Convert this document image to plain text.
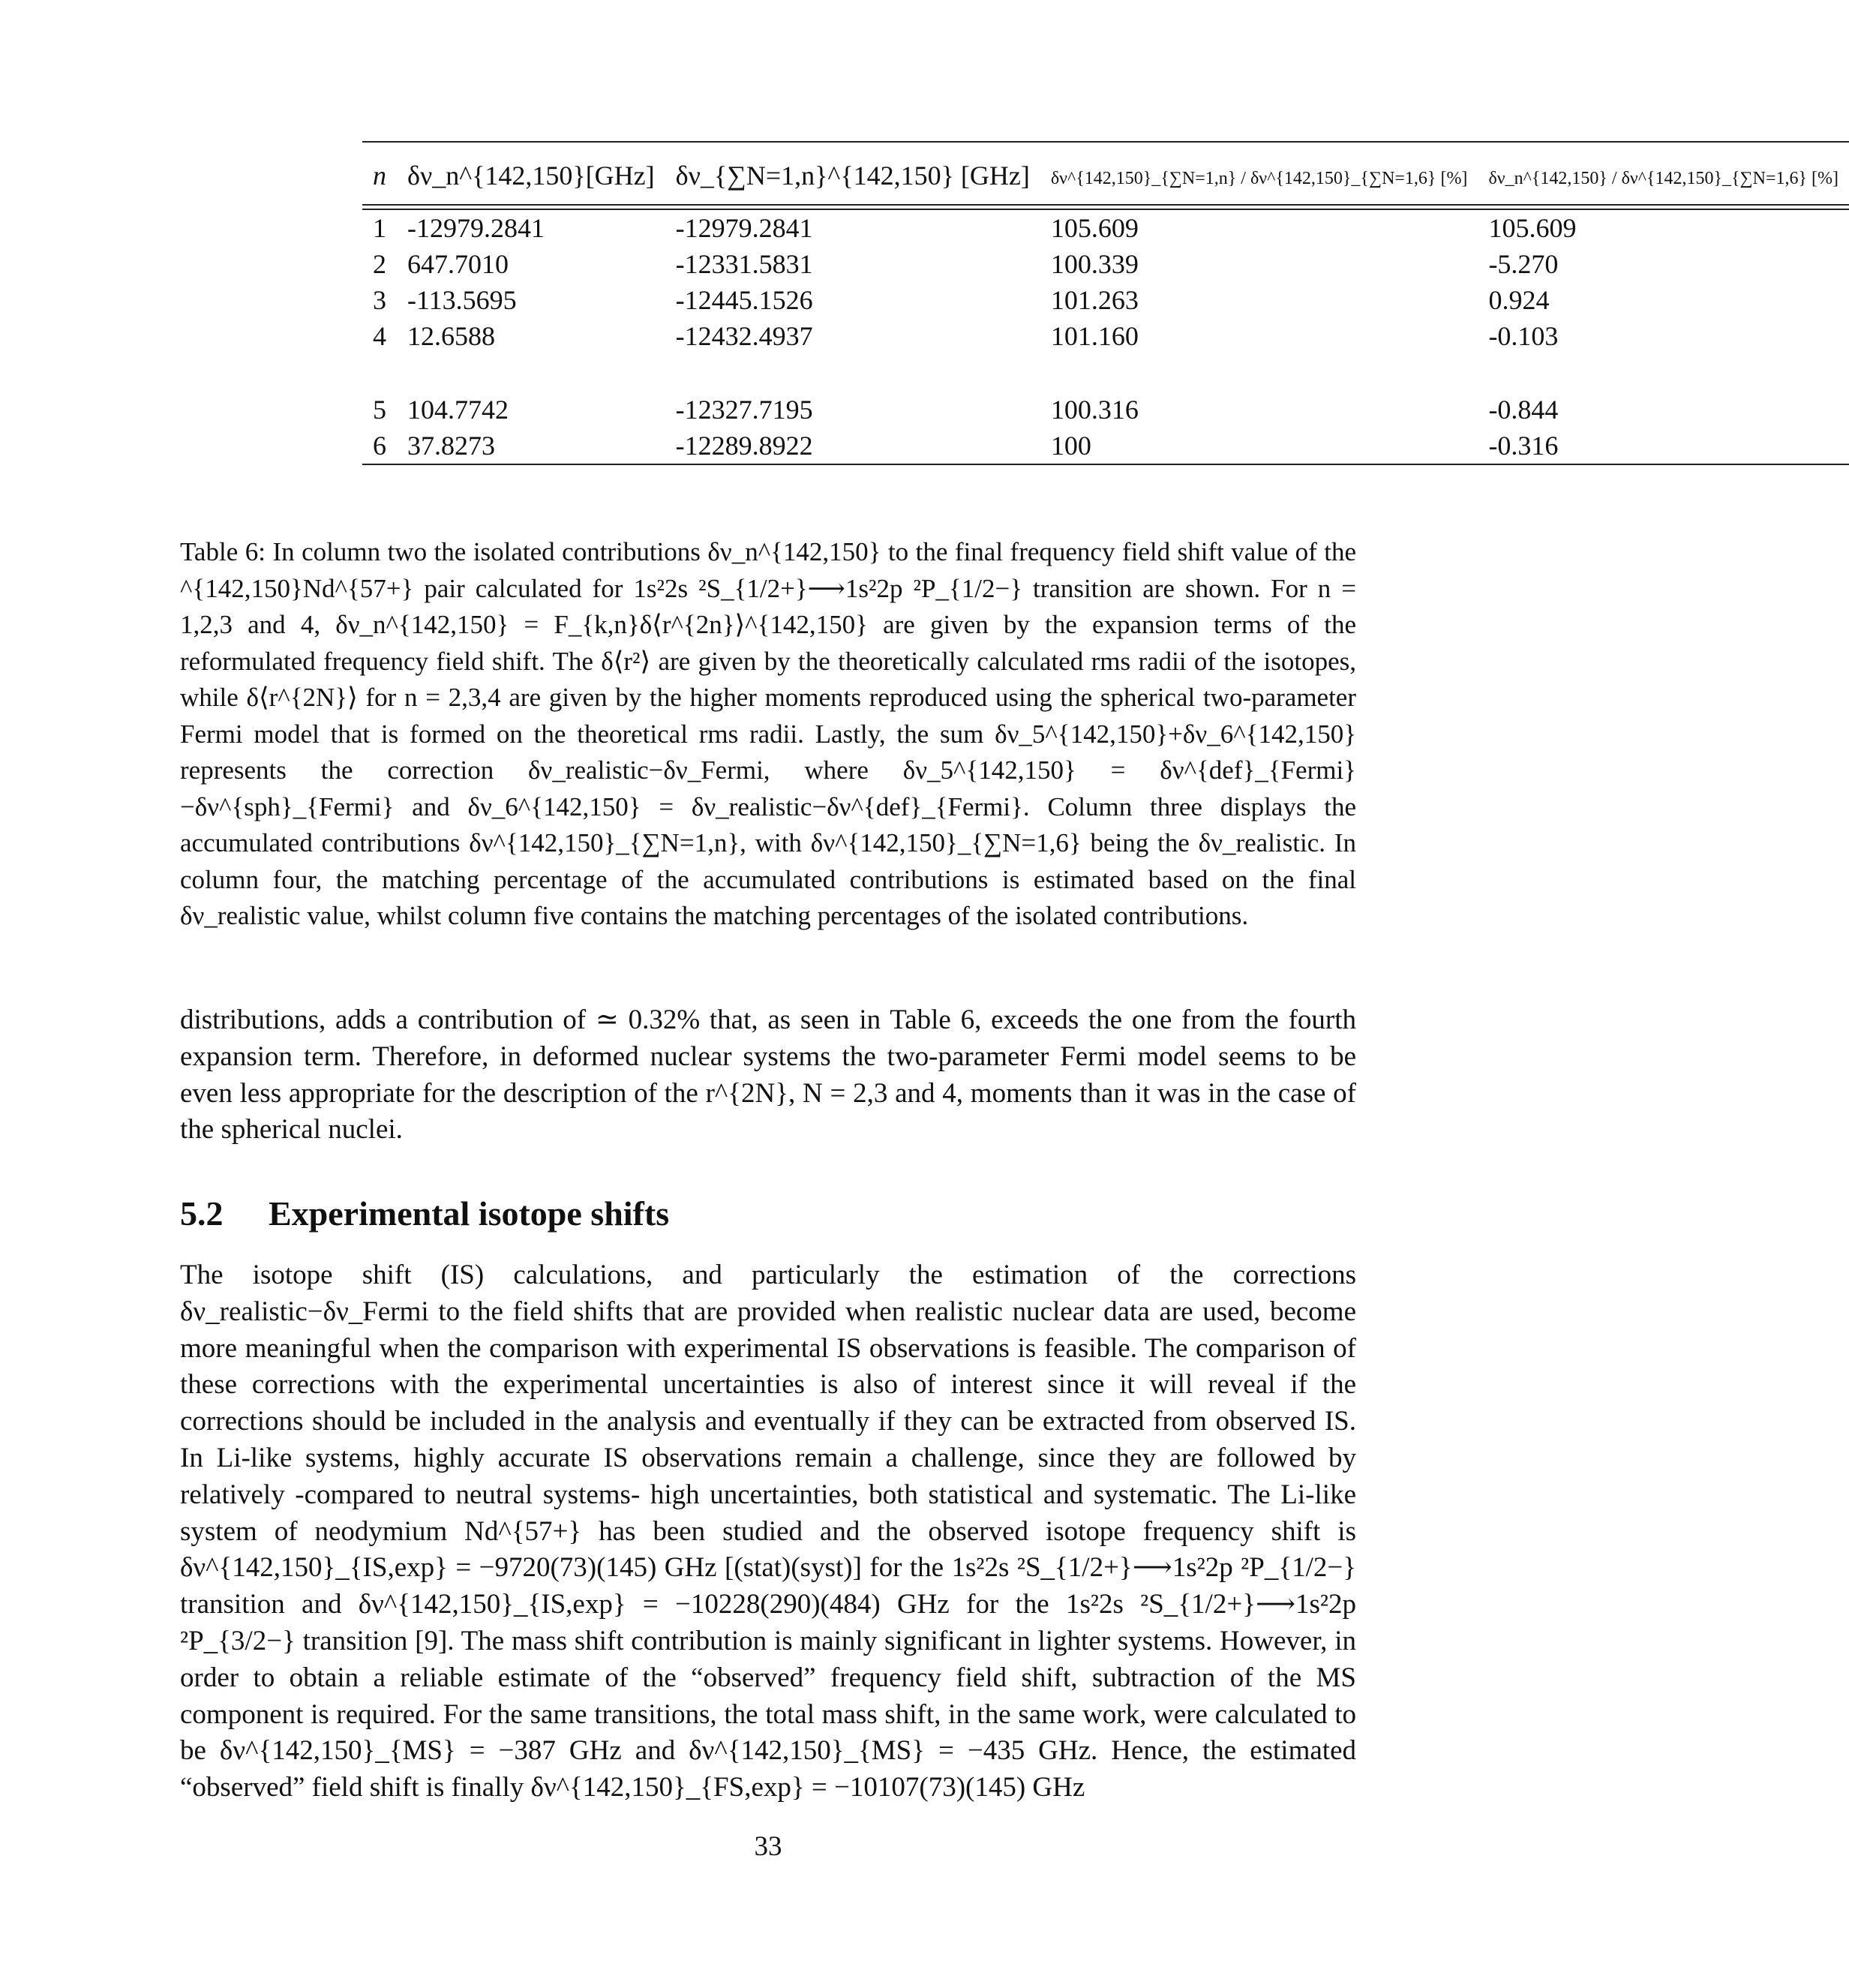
n	δν_n^{142,150}[GHz]	δν_{∑N=1,n}^{142,150} [GHz]	δν^{142,150}_{∑N=1,n} / δν^{142,150}_{∑N=1,6} [%]	δν_n^{142,150} / δν^{142,150}_{∑N=1,6} [%]

1	-12979.2841	-12979.2841	105.609	105.609
2	647.7010	-12331.5831	100.339	-5.270
3	-113.5695	-12445.1526	101.263	0.924
4	12.6588	-12432.4937	101.160	-0.103

5	104.7742	-12327.7195	100.316	-0.844
6	37.8273	-12289.8922	100	-0.316
Table 6: In column two the isolated contributions δν_n^{142,150} to the final frequency field shift value of the ^{142,150}Nd^{57+} pair calculated for 1s²2s ²S_{1/2+}⟶1s²2p ²P_{1/2−} transition are shown. For n = 1,2,3 and 4, δν_n^{142,150} = F_{k,n}δ⟨r^{2n}⟩^{142,150} are given by the expansion terms of the reformulated frequency field shift. The δ⟨r²⟩ are given by the theoretically calculated rms radii of the isotopes, while δ⟨r^{2N}⟩ for n = 2,3,4 are given by the higher moments reproduced using the spherical two-parameter Fermi model that is formed on the theoretical rms radii. Lastly, the sum δν_5^{142,150}+δν_6^{142,150} represents the correction δν_realistic−δν_Fermi, where δν_5^{142,150} = δν^{def}_{Fermi}−δν^{sph}_{Fermi} and δν_6^{142,150} = δν_realistic−δν^{def}_{Fermi}. Column three displays the accumulated contributions δν^{142,150}_{∑N=1,n}, with δν^{142,150}_{∑N=1,6} being the δν_realistic. In column four, the matching percentage of the accumulated contributions is estimated based on the final δν_realistic value, whilst column five contains the matching percentages of the isolated contributions.
distributions, adds a contribution of ≃ 0.32% that, as seen in Table 6, exceeds the one from the fourth expansion term. Therefore, in deformed nuclear systems the two-parameter Fermi model seems to be even less appropriate for the description of the r^{2N}, N = 2,3 and 4, moments than it was in the case of the spherical nuclei.
5.2 Experimental isotope shifts
The isotope shift (IS) calculations, and particularly the estimation of the corrections δν_realistic−δν_Fermi to the field shifts that are provided when realistic nuclear data are used, become more meaningful when the comparison with experimental IS observations is feasible. The comparison of these corrections with the experimental uncertainties is also of interest since it will reveal if the corrections should be included in the analysis and eventually if they can be extracted from observed IS. In Li-like systems, highly accurate IS observations remain a challenge, since they are followed by relatively -compared to neutral systems- high uncertainties, both statistical and systematic. The Li-like system of neodymium Nd^{57+} has been studied and the observed isotope frequency shift is δν^{142,150}_{IS,exp} = −9720(73)(145) GHz [(stat)(syst)] for the 1s²2s ²S_{1/2+}⟶1s²2p ²P_{1/2−} transition and δν^{142,150}_{IS,exp} = −10228(290)(484) GHz for the 1s²2s ²S_{1/2+}⟶1s²2p ²P_{3/2−} transition [9]. The mass shift contribution is mainly significant in lighter systems. However, in order to obtain a reliable estimate of the “observed” frequency field shift, subtraction of the MS component is required. For the same transitions, the total mass shift, in the same work, were calculated to be δν^{142,150}_{MS} = −387 GHz and δν^{142,150}_{MS} = −435 GHz. Hence, the estimated “observed” field shift is finally δν^{142,150}_{FS,exp} = −10107(73)(145) GHz
33
